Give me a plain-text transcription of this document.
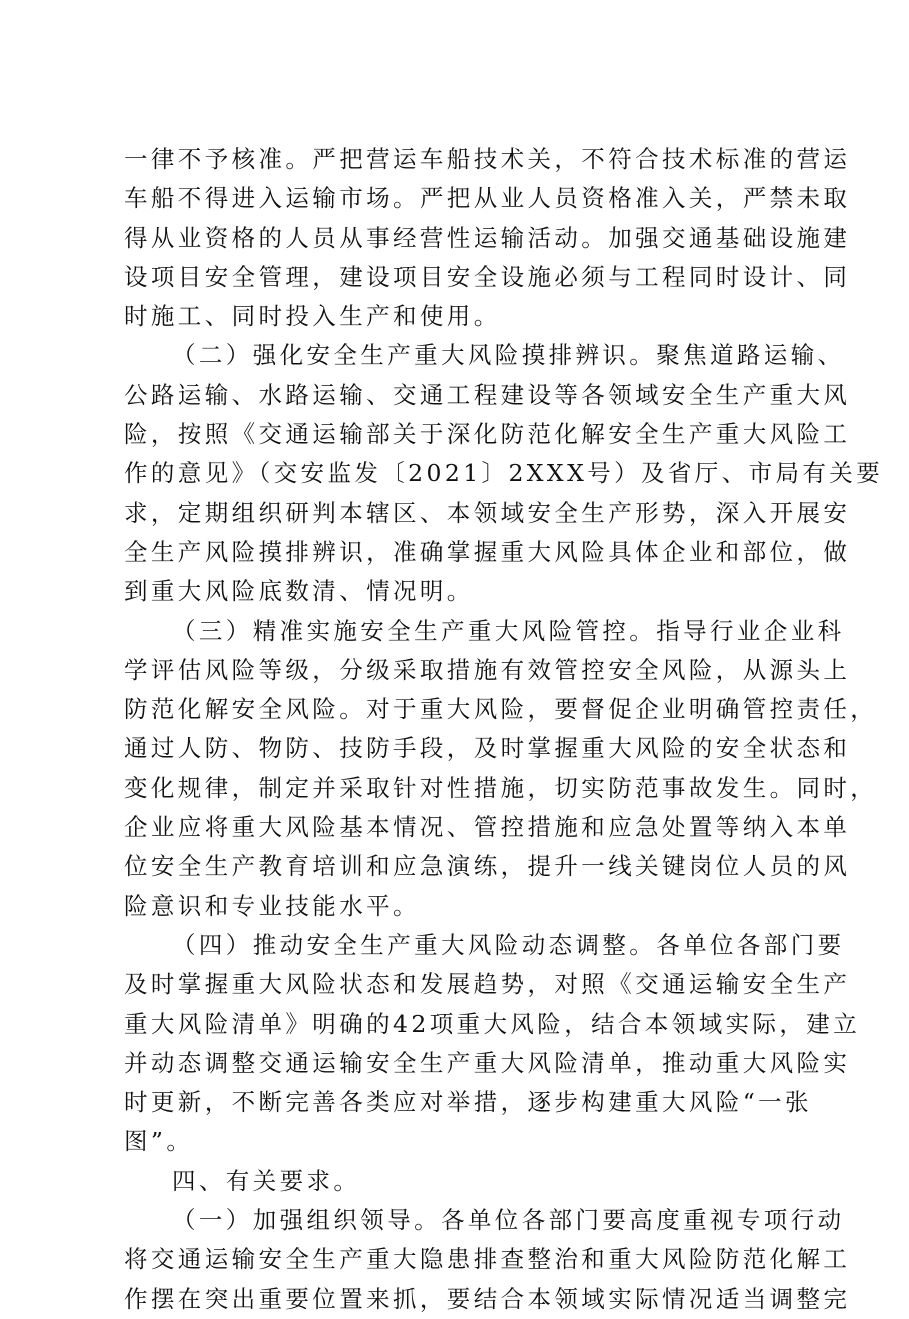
一律不予核准。严把营运车船技术关，不符合技术标准的营运
车船不得进入运输市场。严把从业人员资格准入关，严禁未取
得从业资格的人员从事经营性运输活动。加强交通基础设施建
设项目安全管理，建设项目安全设施必须与工程同时设计、同
时施工、同时投入生产和使用。
（二）强化安全生产重大风险摸排辨识。聚焦道路运输、
公路运输、水路运输、交通工程建设等各领域安全生产重大风
险，按照《交通运输部关于深化防范化解安全生产重大风险工
作的意见》（交安监发〔2021〕2XXX号）及省厅、市局有关要
求，定期组织研判本辖区、本领域安全生产形势，深入开展安
全生产风险摸排辨识，准确掌握重大风险具体企业和部位，做
到重大风险底数清、情况明。
（三）精准实施安全生产重大风险管控。指导行业企业科
学评估风险等级，分级采取措施有效管控安全风险，从源头上
防范化解安全风险。对于重大风险，要督促企业明确管控责任，
通过人防、物防、技防手段，及时掌握重大风险的安全状态和
变化规律，制定并采取针对性措施，切实防范事故发生。同时，
企业应将重大风险基本情况、管控措施和应急处置等纳入本单
位安全生产教育培训和应急演练，提升一线关键岗位人员的风
险意识和专业技能水平。
（四）推动安全生产重大风险动态调整。各单位各部门要
及时掌握重大风险状态和发展趋势，对照《交通运输安全生产
重大风险清单》明确的42项重大风险，结合本领域实际，建立
并动态调整交通运输安全生产重大风险清单，推动重大风险实
时更新，不断完善各类应对举措，逐步构建重大风险“一张
图”。
四、有关要求。
（一）加强组织领导。各单位各部门要高度重视专项行动
将交通运输安全生产重大隐患排查整治和重大风险防范化解工
作摆在突出重要位置来抓，要结合本领域实际情况适当调整完
